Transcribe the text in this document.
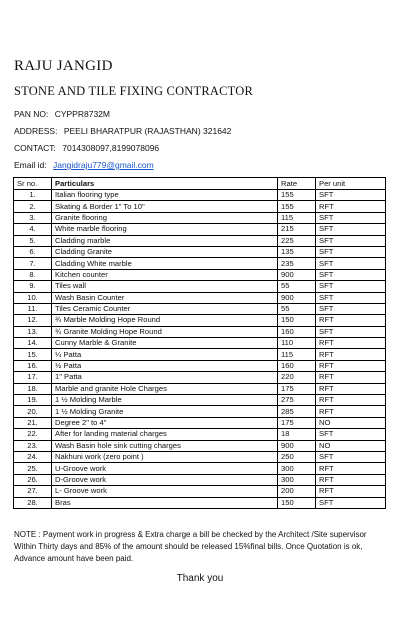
RAJU JANGID
STONE AND TILE FIXING CONTRACTOR
PAN NO: CYPPR8732M
ADDRESS: PEELI BHARATPUR (RAJASTHAN) 321642
CONTACT: 7014308097,8199078096
Email id: Jangidraju779@gmail.com
Sr no.	Particulars	Rate	Per unit
1.	Italian flooring type	155	SFT
2.	Skating & Border 1" To 10"	155	RFT
3.	Granite flooring	115	SFT
4.	White marble flooring	215	SFT
5.	Cladding marble	225	SFT
6.	Cladding Granite	135	SFT
7.	Cladding White marble	235	SFT
8.	Kitchen counter	900	SFT
9.	Tiles wall	55	SFT
10.	Wash Basin Counter	900	SFT
11.	Tiles Ceramic Counter	55	SFT
12.	¾ Marble Molding Hope Round	150	RFT
13.	¾ Granite Molding Hope Round	160	SFT
14.	Cunny Marble & Granite	110	RFT
15.	¼ Patta	115	RFT
16.	½ Patta	160	RFT
17.	1" Patta	220	RFT
18.	Marble and granite Hole Charges	175	RFT
19.	1 ½ Molding Marble	275	RFT
20.	1 ½ Molding Granite	285	RFT
21.	Degree 2" to 4"	175	NO
22.	After for landing material charges	18	SFT
23.	Wash Basin hole sink cutting charges	900	NO
24.	Nakhuni work (zero point )	250	SFT
25.	U-Groove work	300	RFT
26.	D-Groove work	300	RFT
27.	L- Groove work	200	RFT
28.	Bras	150	SFT
NOTE : Payment work in progress & Extra charge a bill be checked by the Architect /Site supervisor Within Thirty days and 85% of the amount should be released 15%final bills. Once Quotation is ok, Advance amount have been paid.
Thank you
